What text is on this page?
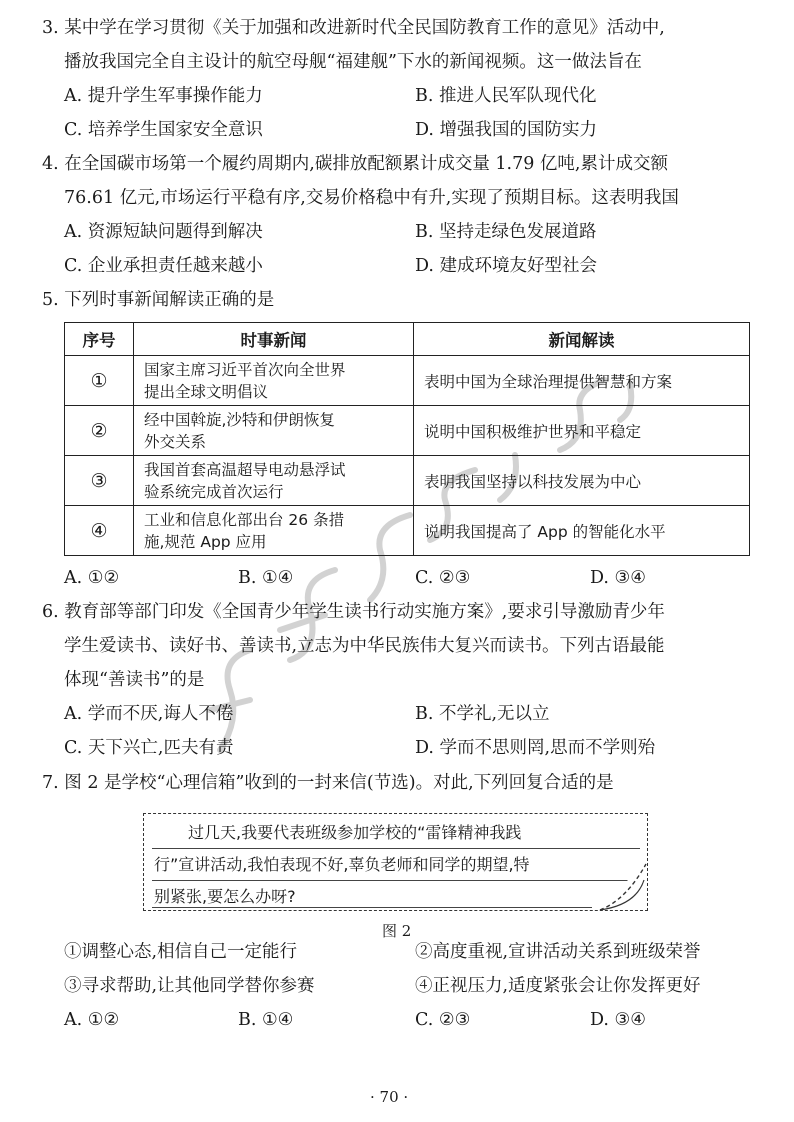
3. 某中学在学习贯彻《关于加强和改进新时代全民国防教育工作的意见》活动中,
播放我国完全自主设计的航空母舰“福建舰”下水的新闻视频。这一做法旨在
A. 提升学生军事操作能力	B. 推进人民军队现代化
C. 培养学生国家安全意识	D. 增强我国的国防实力
4. 在全国碳市场第一个履约周期内,碳排放配额累计成交量 1.79 亿吨,累计成交额
76.61 亿元,市场运行平稳有序,交易价格稳中有升,实现了预期目标。这表明我国
A. 资源短缺问题得到解决	B. 坚持走绿色发展道路
C. 企业承担责任越来越小	D. 建成环境友好型社会
5. 下列时事新闻解读正确的是
序号	时事新闻	新闻解读
①	国家主席习近平首次向全世界
提出全球文明倡议	表明中国为全球治理提供智慧和方案
②	经中国斡旋,沙特和伊朗恢复
外交关系	说明中国积极维护世界和平稳定
③	我国首套高温超导电动悬浮试
验系统完成首次运行	表明我国坚持以科技发展为中心
④	工业和信息化部出台 26 条措
施,规范 App 应用	说明我国提高了 App 的智能化水平
A. ①②	B. ①④	C. ②③	D. ③④
6. 教育部等部门印发《全国青少年学生读书行动实施方案》,要求引导激励青少年
学生爱读书、读好书、善读书,立志为中华民族伟大复兴而读书。下列古语最能
体现“善读书”的是
A. 学而不厌,诲人不倦	B. 不学礼,无以立
C. 天下兴亡,匹夫有责	D. 学而不思则罔,思而不学则殆
7. 图 2 是学校“心理信箱”收到的一封来信(节选)。对此,下列回复合适的是
过几天,我要代表班级参加学校的“雷锋精神我践
行”宣讲活动,我怕表现不好,辜负老师和同学的期望,特
别紧张,要怎么办呀?
图 2
①调整心态,相信自己一定能行	②高度重视,宣讲活动关系到班级荣誉
③寻求帮助,让其他同学替你参赛	④正视压力,适度紧张会让你发挥更好
A. ①②	B. ①④	C. ②③	D. ③④
· 70 ·
